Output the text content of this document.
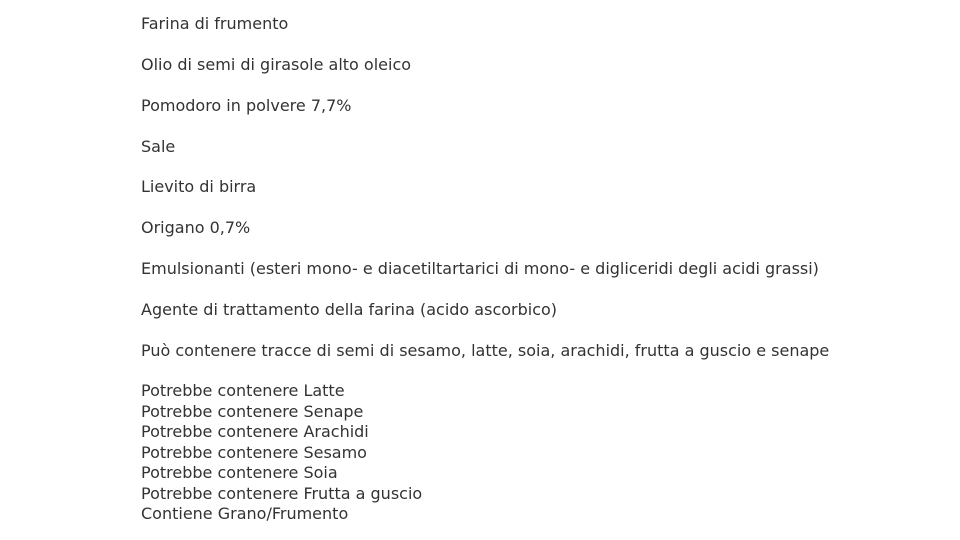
Farina di frumento
Olio di semi di girasole alto oleico
Pomodoro in polvere 7,7%
Sale
Lievito di birra
Origano 0,7%
Emulsionanti (esteri mono- e diacetiltartarici di mono- e digliceridi degli acidi grassi)
Agente di trattamento della farina (acido ascorbico)
Può contenere tracce di semi di sesamo, latte, soia, arachidi, frutta a guscio e senape
Potrebbe contenere Latte
Potrebbe contenere Senape
Potrebbe contenere Arachidi
Potrebbe contenere Sesamo
Potrebbe contenere Soia
Potrebbe contenere Frutta a guscio
Contiene Grano/Frumento
